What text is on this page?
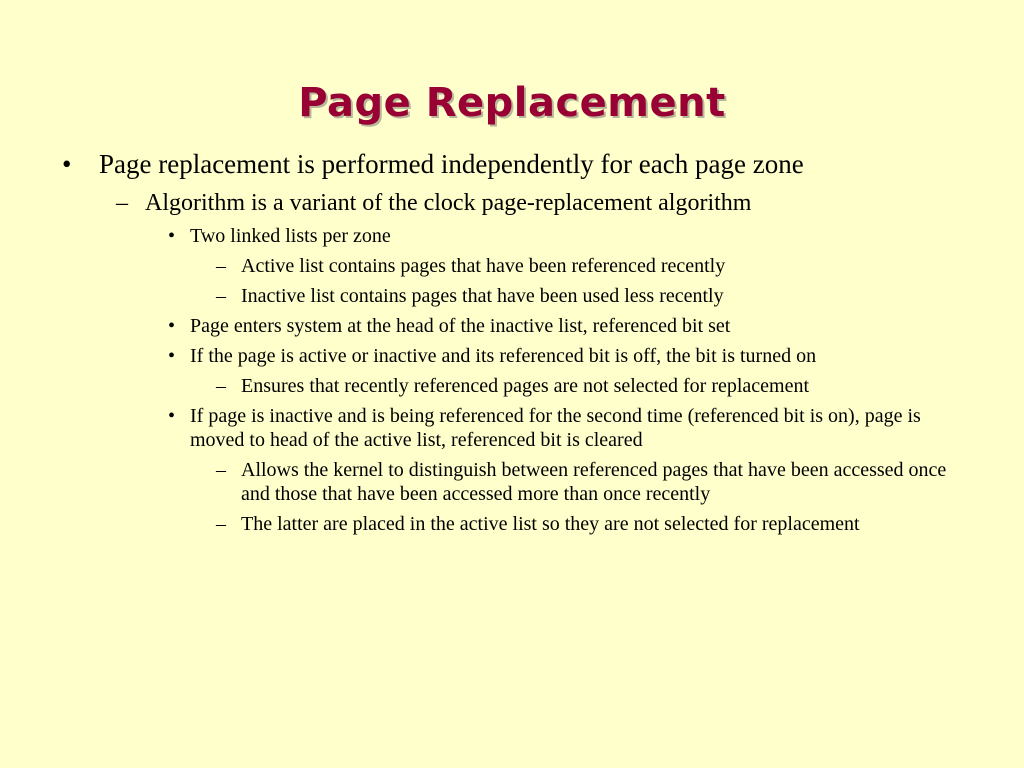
Page Replacement
• Page replacement is performed independently for each page zone
– Algorithm is a variant of the clock page-replacement algorithm
• Two linked lists per zone
– Active list contains pages that have been referenced recently
– Inactive list contains pages that have been used less recently
• Page enters system at the head of the inactive list, referenced bit set
• If the page is active or inactive and its referenced bit is off, the bit is turned on
– Ensures that recently referenced pages are not selected for replacement
• If page is inactive and is being referenced for the second time (referenced bit is on), page is moved to head of the active list, referenced bit is cleared
– Allows the kernel to distinguish between referenced pages that have been accessed once and those that have been accessed more than once recently
– The latter are placed in the active list so they are not selected for replacement
